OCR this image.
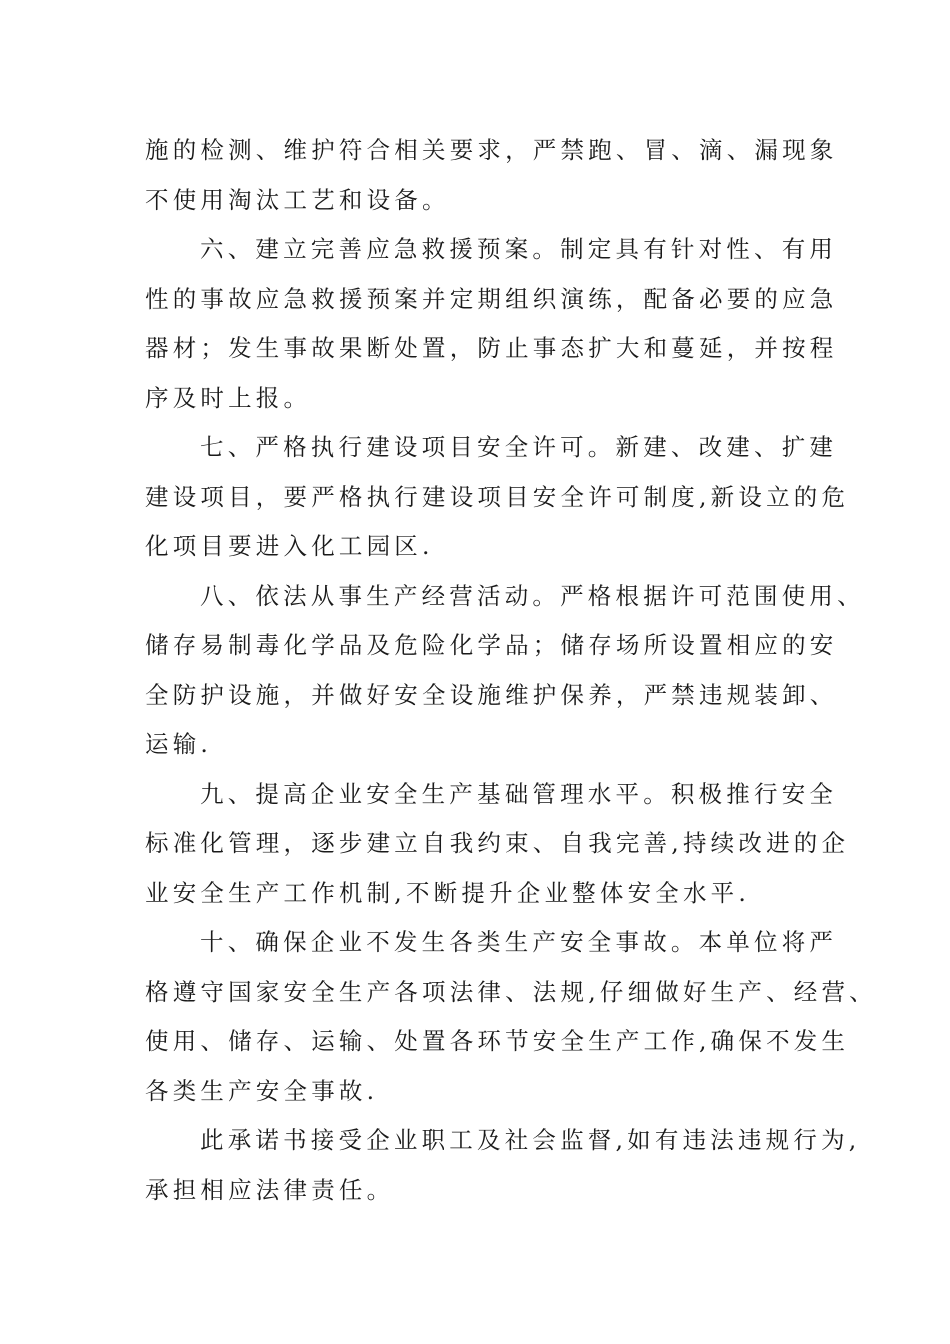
施的检测、维护符合相关要求，严禁跑、冒、滴、漏现象
不使用淘汰工艺和设备。

六、建立完善应急救援预案。制定具有针对性、有用
性的事故应急救援预案并定期组织演练，配备必要的应急
器材；发生事故果断处置，防止事态扩大和蔓延，并按程
序及时上报。

七、严格执行建设项目安全许可。新建、改建、扩建
建设项目，要严格执行建设项目安全许可制度,新设立的危
化项目要进入化工园区.

八、依法从事生产经营活动。严格根据许可范围使用、
储存易制毒化学品及危险化学品；储存场所设置相应的安
全防护设施，并做好安全设施维护保养，严禁违规装卸、
运输.

九、提高企业安全生产基础管理水平。积极推行安全
标准化管理，逐步建立自我约束、自我完善,持续改进的企
业安全生产工作机制,不断提升企业整体安全水平.

十、确保企业不发生各类生产安全事故。本单位将严
格遵守国家安全生产各项法律、法规,仔细做好生产、经营、
使用、储存、运输、处置各环节安全生产工作,确保不发生
各类生产安全事故.

此承诺书接受企业职工及社会监督,如有违法违规行为,
承担相应法律责任。
